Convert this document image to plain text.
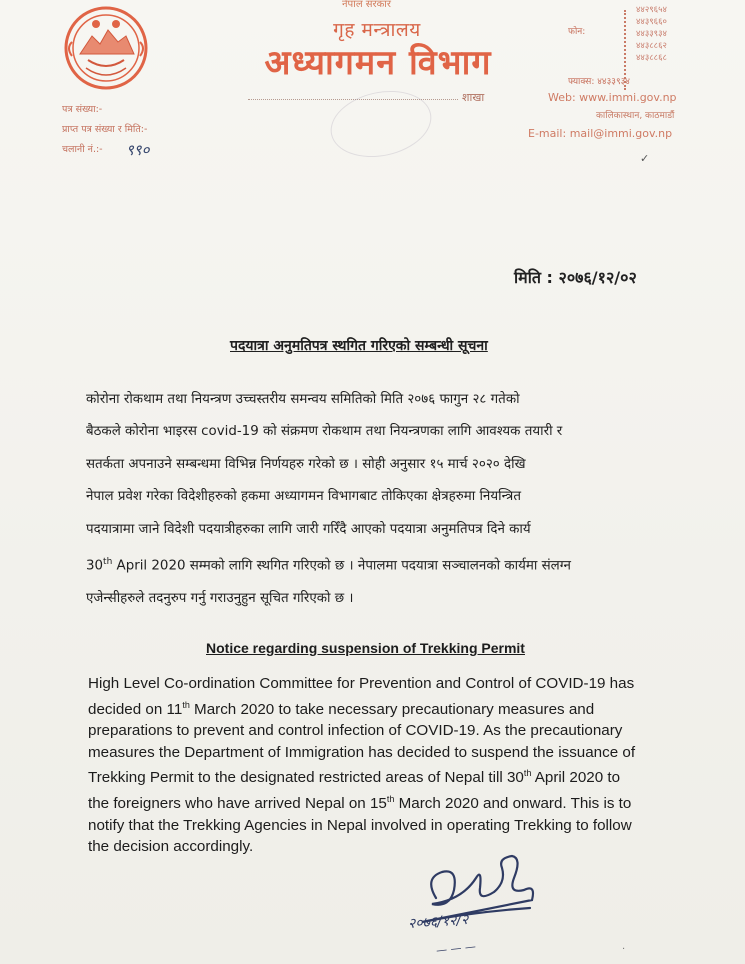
नेपाल सरकार
गृह मन्त्रालय
अध्यागमन विभाग
शाखा
फोन:
४४२९६५४
४४३९६६०
४४३३९३४
४४३८८६२
४४३८८६८
फ्याक्स: ४४३३९३४
Web: www.immi.gov.np
कालिकास्थान, काठमाडौं
E-mail: mail@immi.gov.np
पत्र संख्या:-
प्राप्त पत्र संख्या र मिति:-
चलानी नं.:-	९९०	✓
मिति : २०७६/१२/०२
पदयात्रा अनुमतिपत्र स्थगित गरिएको सम्बन्धी सूचना
कोरोना रोकथाम तथा नियन्त्रण उच्चस्तरीय समन्वय समितिको मिति २०७६ फागुन २८ गतेको
बैठकले कोरोना भाइरस covid-19 को संक्रमण रोकथाम तथा नियन्त्रणका लागि आवश्यक तयारी र
सतर्कता अपनाउने सम्बन्धमा विभिन्न निर्णयहरु गरेको छ । सोही अनुसार १५ मार्च २०२० देखि
नेपाल प्रवेश गरेका विदेशीहरुको हकमा अध्यागमन विभागबाट तोकिएका क्षेत्रहरुमा नियन्त्रित
पदयात्रामा जाने विदेशी पदयात्रीहरुका लागि जारी गरिँदै आएको पदयात्रा अनुमतिपत्र दिने कार्य
30th April 2020 सम्मको लागि स्थगित गरिएको छ । नेपालमा पदयात्रा सञ्चालनको कार्यमा संलग्न
एजेन्सीहरुले तदनुरुप गर्नु गराउनुहुन सूचित गरिएको छ ।
Notice regarding suspension of Trekking Permit
High Level Co-ordination Committee for Prevention and Control of COVID-19 has
decided on 11th March 2020 to take necessary precautionary measures and
preparations to prevent and control infection of COVID-19. As the precautionary
measures the Department of Immigration has decided to suspend the issuance of
Trekking Permit to the designated restricted areas of Nepal till 30th April 2020 to
the foreigners who have arrived Nepal on 15th March 2020 and onward. This is to
notify that the Trekking Agencies in Nepal involved in operating Trekking to follow
the decision accordingly.
२०७६/१२/२
— — —	·
